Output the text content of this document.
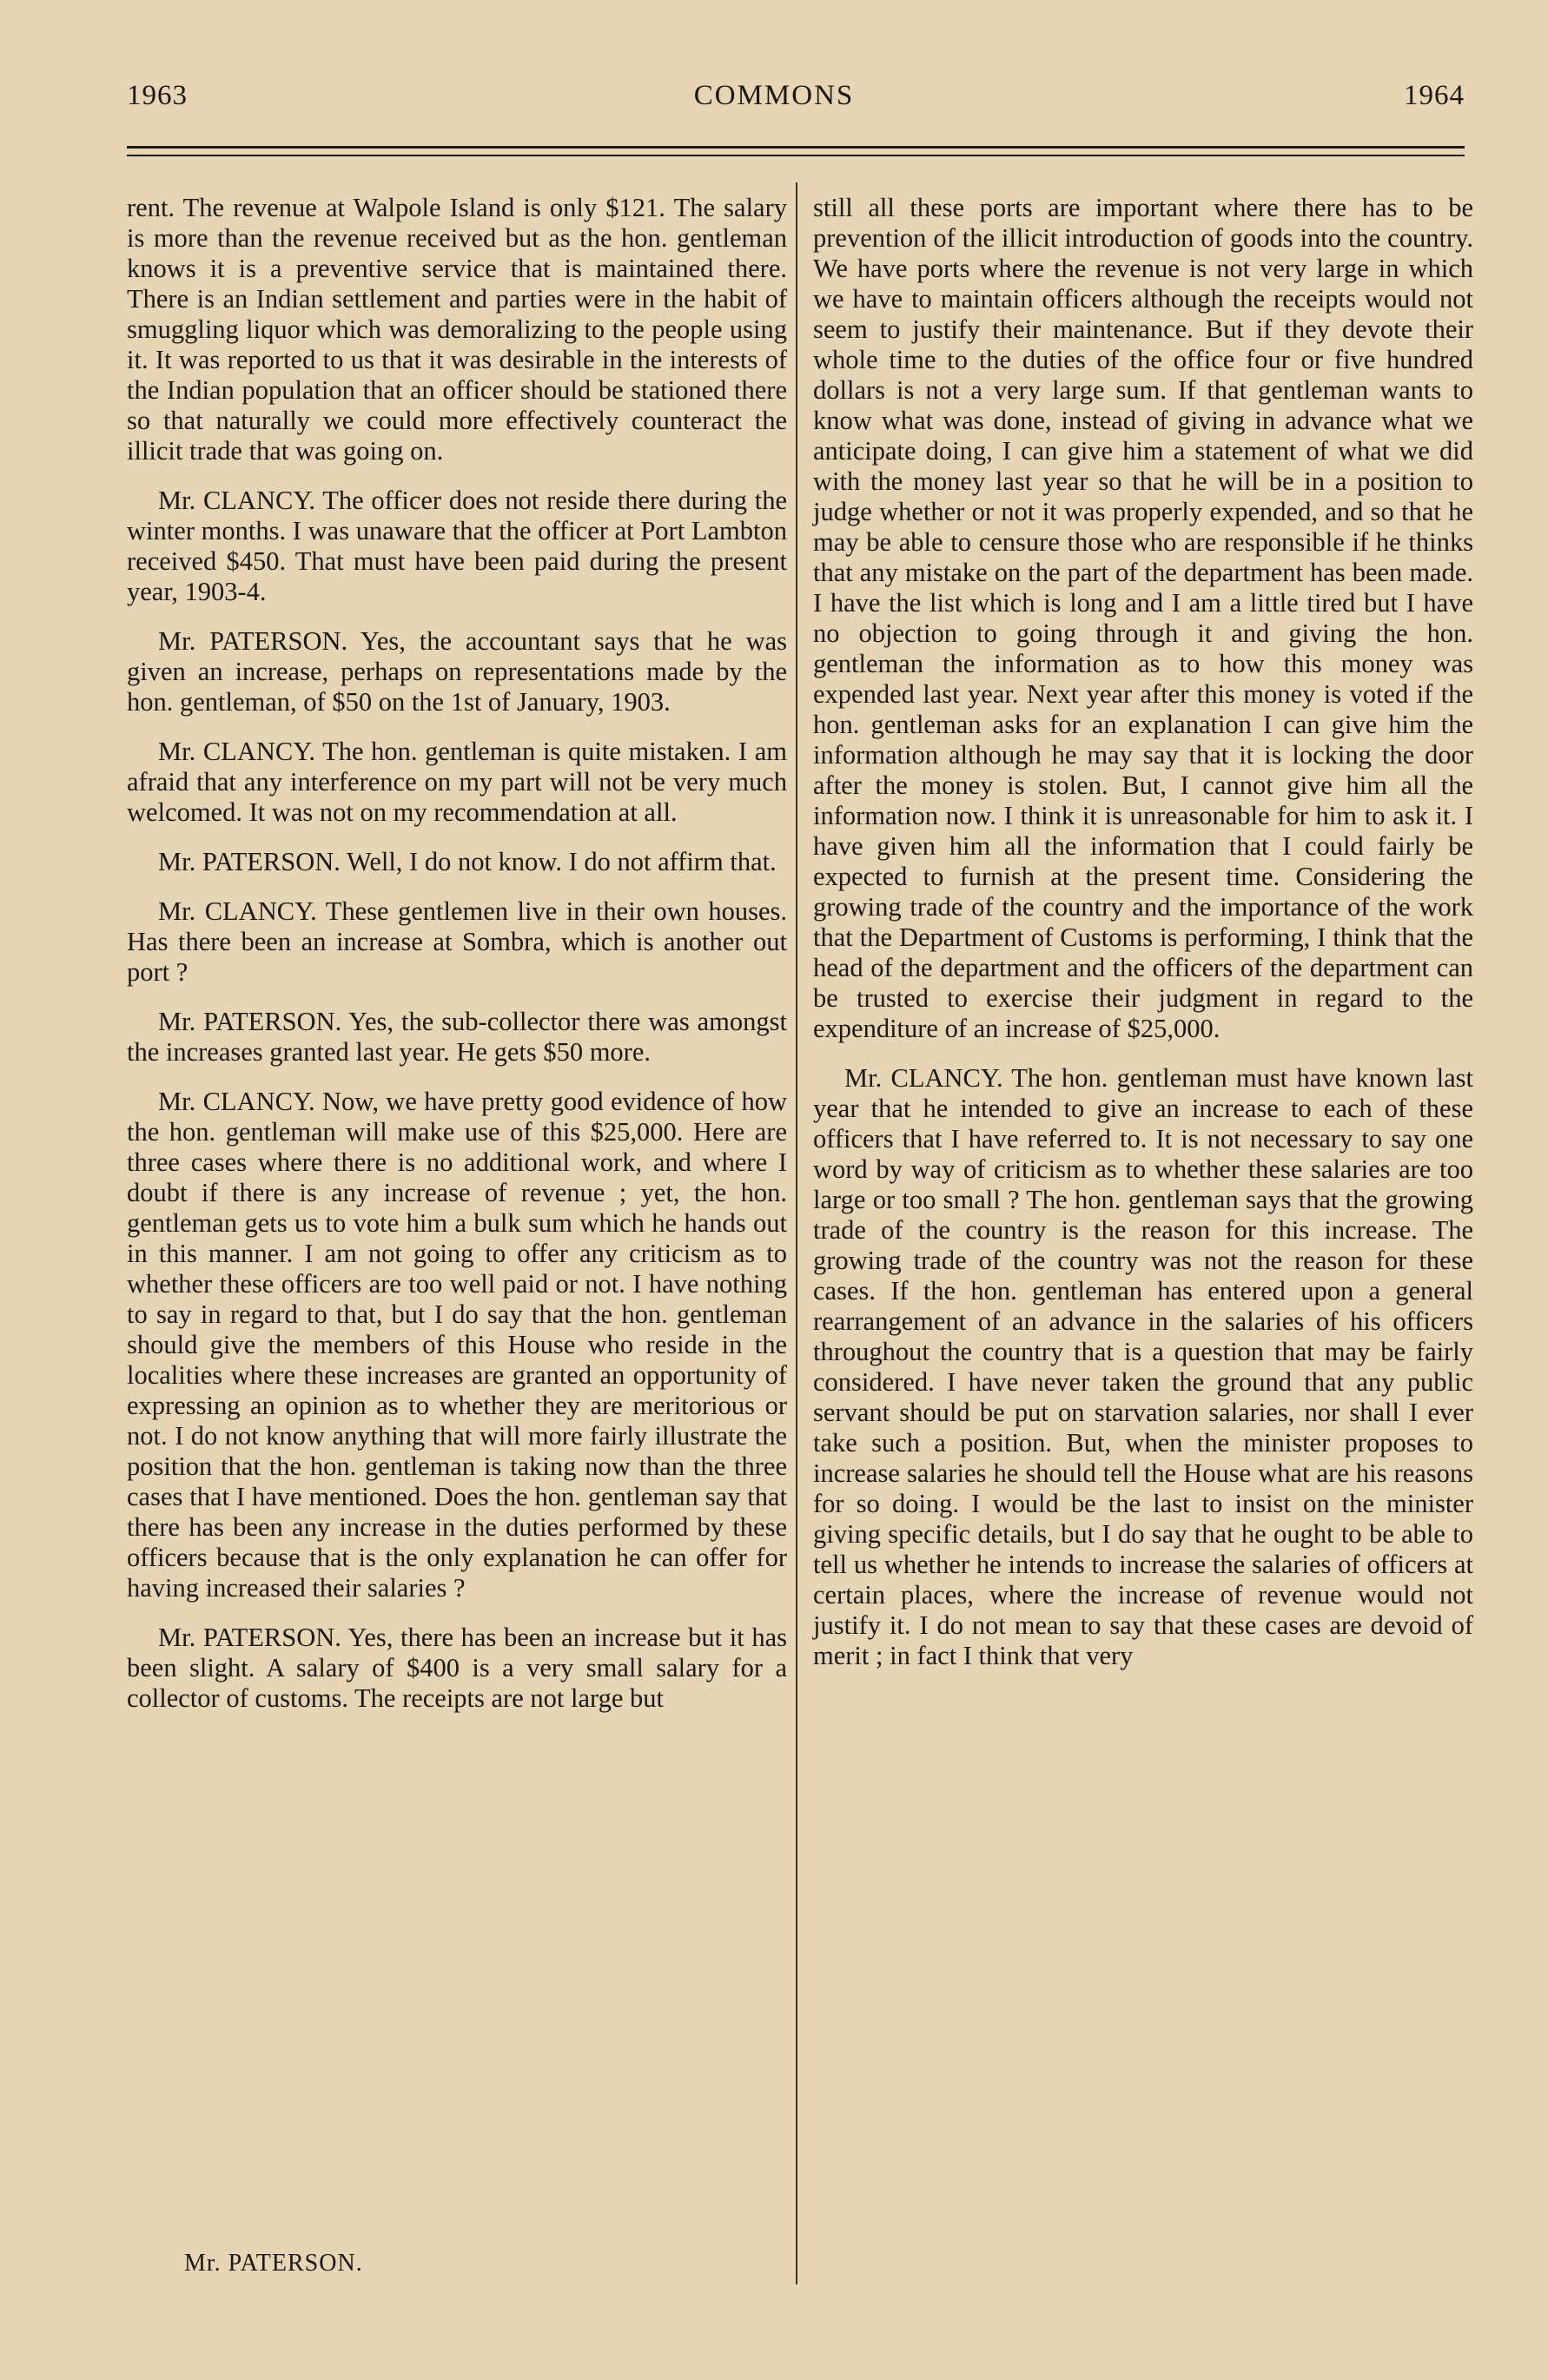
1963	COMMONS	1964

rent. The revenue at Walpole Island is only $121. The salary is more than the revenue received but as the hon. gentleman knows it is a preventive service that is maintained there. There is an Indian settlement and parties were in the habit of smuggling liquor which was demoralizing to the people using it. It was reported to us that it was desirable in the interests of the Indian population that an officer should be stationed there so that naturally we could more effectively counteract the illicit trade that was going on.

Mr. CLANCY. The officer does not reside there during the winter months. I was unaware that the officer at Port Lambton received $450. That must have been paid during the present year, 1903-4.

Mr. PATERSON. Yes, the accountant says that he was given an increase, perhaps on representations made by the hon. gentleman, of $50 on the 1st of January, 1903.

Mr. CLANCY. The hon. gentleman is quite mistaken. I am afraid that any interference on my part will not be very much welcomed. It was not on my recommendation at all.

Mr. PATERSON. Well, I do not know. I do not affirm that.

Mr. CLANCY. These gentlemen live in their own houses. Has there been an increase at Sombra, which is another out port ?

Mr. PATERSON. Yes, the sub-collector there was amongst the increases granted last year. He gets $50 more.

Mr. CLANCY. Now, we have pretty good evidence of how the hon. gentleman will make use of this $25,000. Here are three cases where there is no additional work, and where I doubt if there is any increase of revenue ; yet, the hon. gentleman gets us to vote him a bulk sum which he hands out in this manner. I am not going to offer any criticism as to whether these officers are too well paid or not. I have nothing to say in regard to that, but I do say that the hon. gentleman should give the members of this House who reside in the localities where these increases are granted an opportunity of expressing an opinion as to whether they are meritorious or not. I do not know anything that will more fairly illustrate the position that the hon. gentleman is taking now than the three cases that I have mentioned. Does the hon. gentleman say that there has been any increase in the duties performed by these officers because that is the only explanation he can offer for having increased their salaries ?

Mr. PATERSON. Yes, there has been an increase but it has been slight. A salary of $400 is a very small salary for a collector of customs. The receipts are not large but

still all these ports are important where there has to be prevention of the illicit introduction of goods into the country. We have ports where the revenue is not very large in which we have to maintain officers although the receipts would not seem to justify their maintenance. But if they devote their whole time to the duties of the office four or five hundred dollars is not a very large sum. If that gentleman wants to know what was done, instead of giving in advance what we anticipate doing, I can give him a statement of what we did with the money last year so that he will be in a position to judge whether or not it was properly expended, and so that he may be able to censure those who are responsible if he thinks that any mistake on the part of the department has been made. I have the list which is long and I am a little tired but I have no objection to going through it and giving the hon. gentleman the information as to how this money was expended last year. Next year after this money is voted if the hon. gentleman asks for an explanation I can give him the information although he may say that it is locking the door after the money is stolen. But, I cannot give him all the information now. I think it is unreasonable for him to ask it. I have given him all the information that I could fairly be expected to furnish at the present time. Considering the growing trade of the country and the importance of the work that the Department of Customs is performing, I think that the head of the department and the officers of the department can be trusted to exercise their judgment in regard to the expenditure of an increase of $25,000.

Mr. CLANCY. The hon. gentleman must have known last year that he intended to give an increase to each of these officers that I have referred to. It is not necessary to say one word by way of criticism as to whether these salaries are too large or too small ? The hon. gentleman says that the growing trade of the country is the reason for this increase. The growing trade of the country was not the reason for these cases. If the hon. gentleman has entered upon a general rearrangement of an advance in the salaries of his officers throughout the country that is a question that may be fairly considered. I have never taken the ground that any public servant should be put on starvation salaries, nor shall I ever take such a position. But, when the minister proposes to increase salaries he should tell the House what are his reasons for so doing. I would be the last to insist on the minister giving specific details, but I do say that he ought to be able to tell us whether he intends to increase the salaries of officers at certain places, where the increase of revenue would not justify it. I do not mean to say that these cases are devoid of merit ; in fact I think that very

Mr. PATERSON.
